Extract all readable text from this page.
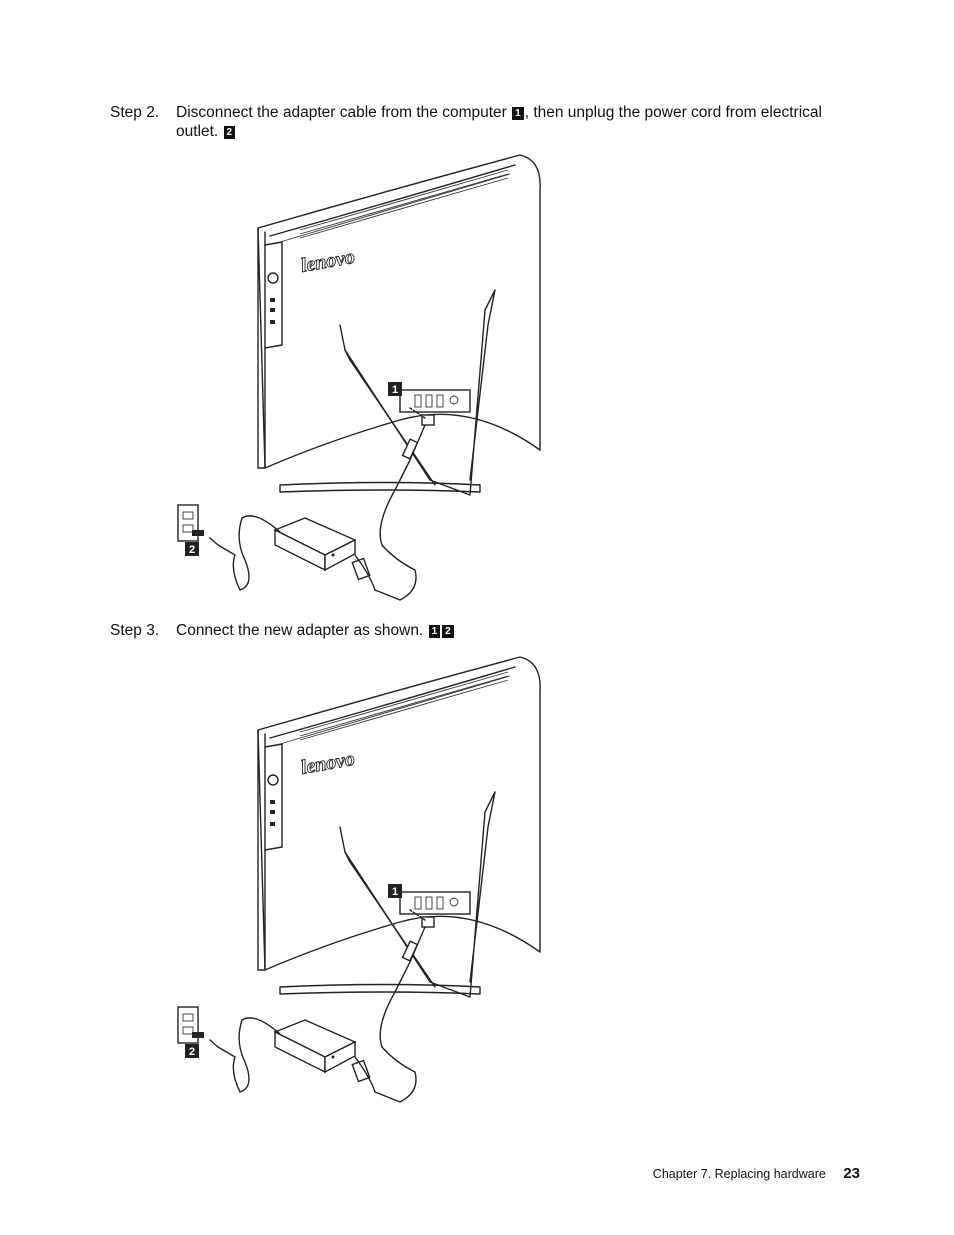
Step 2. Disconnect the adapter cable from the computer 1 , then unplug the power cord from electrical outlet. 2
lenovo
1
2
Step 3. Connect the new adapter as shown. 1 2
lenovo
1
2
Chapter 7. Replacing hardware 23
